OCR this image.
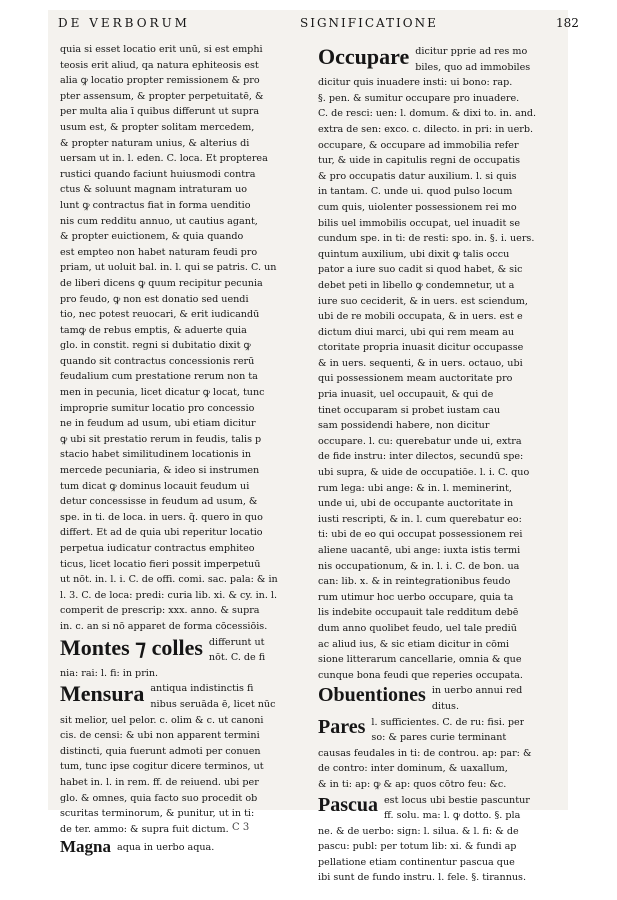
DE VERBORUM	SIGNIFICATIONE	182
quia si esset locatio erit unū, si est emphi
teosis erit aliud, qa natura ephiteosis est
alia ꝙ locatio propter remissionem & pro
pter assensum, & propter perpetuitatē, &
per multa alia ī quibus differunt ut supra
usum est, & propter solitam mercedem,
& propter naturam unius, & alterius di
uersam ut in. l. eden. C. loca. Et propterea
rustici quando faciunt huiusmodi contra
ctus & soluunt magnam intraturam uo
lunt ꝙ contractus fiat in forma uenditio
nis cum redditu annuo, ut cautius agant,
& propter euictionem, & quia quando
est empteo non habet naturam feudi pro
priam, ut uoluit bal. in. l. qui se patris. C. un
de liberi dicens ꝙ quum recipitur pecunia
pro feudo, ꝙ non est donatio sed uendi
tio, nec potest reuocari, & erit iudicandū
tamꝙ de rebus emptis, & aduerte quia
glo. in constit. regni si dubitatio dixit ꝙ
quando sit contractus concessionis rerū
feudalium cum prestatione rerum non ta
men in pecunia, licet dicatur ꝙ locat, tunc
improprie sumitur locatio pro concessio
ne in feudum ad usum, ubi etiam dicitur
ꝙ ubi sit prestatio rerum in feudis, talis p
stacio habet similitudinem locationis in
mercede pecuniaria, & ideo si instrumen
tum dicat ꝙ dominus locauit feudum ui
detur concessisse in feudum ad usum, &
spe. in ti. de loca. in uers. q̄. quero in quo
differt. Et ad de quia ubi reperitur locatio
perpetua iudicatur contractus emphiteo
ticus, licet locatio fieri possit imperpetuū
ut nōt. in. l. i. C. de offi. comi. sac. pala: & in
l. 3. C. de loca: predi: curia lib. xi. & cy. in. l.
comperit de prescrip: xxx. anno. & supra
in. c. an si nō apparet de forma cōcessiōis.
Montes ⁊ colles differunt ut
nōt. C. de fi
nia: rai: l. fi: in prin.
Mensura antiqua indistinctis fi
nibus seruāda ē, licet nūc
sit melior, uel pelor. c. olim & c. ut canoni
cis. de censi: & ubi non apparent termini
distincti, quia fuerunt admoti per conuen
tum, tunc ipse cogitur dicere terminos, ut
habet in. l. in rem. ff. de reiuend. ubi per
glo. & omnes, quia facto suo procedit ob
scuritas terminorum, & punitur, ut in ti:
de ter. ammo: & supra fuit dictum.
Magna aqua in uerbo aqua.
Occupare dicitur pprie ad res mo
biles, quo ad immobiles
dicitur quis inuadere insti: ui bono: rap.
§. pen. & sumitur occupare pro inuadere.
C. de resci: uen: l. domum. & dixi to. in. and.
extra de sen: exco. c. dilecto. in pri: in uerb.
occupare, & occupare ad immobilia refer
tur, & uide in capitulis regni de occupatis
& pro occupatis datur auxilium. l. si quis
in tantam. C. unde ui. quod pulso locum
cum quis, uiolenter possessionem rei mo
bilis uel immobilis occupat, uel inuadit se
cundum spe. in ti: de resti: spo. in. §. i. uers.
quintum auxilium, ubi dixit ꝙ talis occu
pator a iure suo cadit si quod habet, & sic
debet peti in libello ꝙ condemnetur, ut a
iure suo ceciderit, & in uers. est sciendum,
ubi de re mobili occupata, & in uers. est e
dictum diui marci, ubi qui rem meam au
ctoritate propria inuasit dicitur occupasse
& in uers. sequenti, & in uers. octauo, ubi
qui possessionem meam auctoritate pro
pria inuasit, uel occupauit, & qui de
tinet occuparam si probet iustam cau
sam possidendi habere, non dicitur
occupare. l. cu: querebatur unde ui, extra
de fide instru: inter dilectos, secundū spe:
ubi supra, & uide de occupatiōe. l. i. C. quo
rum lega: ubi ange: & in. l. meminerint,
unde ui, ubi de occupante auctoritate in
iusti rescripti, & in. l. cum querebatur eo:
ti: ubi de eo qui occupat possessionem rei
aliene uacantē, ubi ange: iuxta istis termi
nis occupationum, & in. l. i. C. de bon. ua
can: lib. x. & in reintegrationibus feudo
rum utimur hoc uerbo occupare, quia ta
lis indebite occupauit tale redditum debē
dum anno quolibet feudo, uel tale prediū
ac aliud ius, & sic etiam dicitur in cōmi
sione litterarum cancellarie, omnia & que
cunque bona feudi que reperies occupata.
Obuentiones in uerbo annui red
ditus.
Pares l. sufficientes. C. de ru: fisi. per
so: & pares curie terminant
causas feudales in ti: de controu. ap: par: &
de contro: inter dominum, & uaxallum,
& in ti: ap: ꝙ & ap: quos cōtro feu: &c.
Pascua est locus ubi bestie pascuntur
ff. solu. ma: l. ꝙ dotto. §. pla
ne. & de uerbo: sign: l. silua. & l. fi: & de
pascu: publ: per totum lib: xi. & fundi ap
pellatione etiam continentur pascua que
ibi sunt de fundo instru. l. fele. §. tirannus.
C 3
